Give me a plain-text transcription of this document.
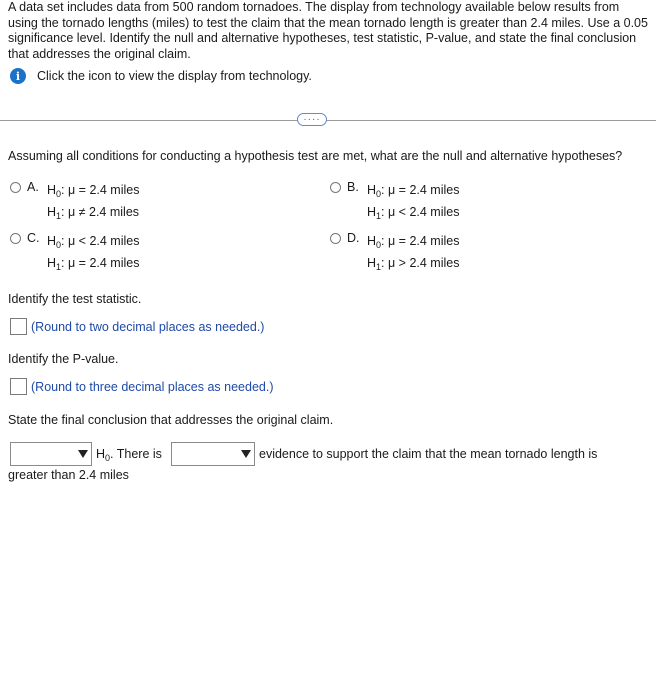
A data set includes data from 500 random tornadoes. The display from technology available below results from using the tornado lengths (miles) to test the claim that the mean tornado length is greater than 2.4 miles. Use a 0.05 significance level. Identify the null and alternative hypotheses, test statistic, P-value, and state the final conclusion that addresses the original claim.
i	Click the icon to view the display from technology.
····
Assuming all conditions for conducting a hypothesis test are met, what are the null and alternative hypotheses?
A. $H_0$: μ = 2.4 miles
$H_1$: μ ≠ 2.4 miles
B. $H_0$: μ = 2.4 miles
$H_1$: μ < 2.4 miles
C. $H_0$: μ < 2.4 miles
$H_1$: μ = 2.4 miles
D. $H_0$: μ = 2.4 miles
$H_1$: μ > 2.4 miles
Identify the test statistic.
(Round to two decimal places as needed.)
Identify the P-value.
(Round to three decimal places as needed.)
State the final conclusion that addresses the original claim.
$H_0$. There is	evidence to support the claim that the mean tornado length is
greater than 2.4 miles
